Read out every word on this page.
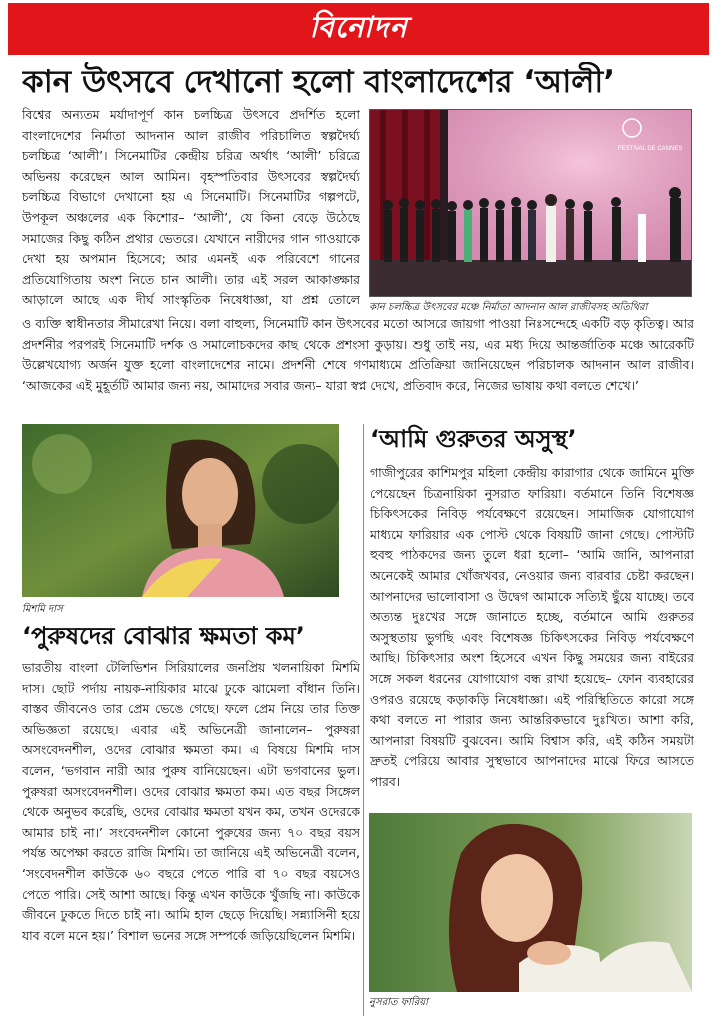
বিনোদন
কান উৎসবে দেখানো হলো বাংলাদেশের ‘আলী’

বিশ্বের অন্যতম মর্যাদাপূর্ণ কান চলচ্চিত্র উৎসবে প্রদর্শিত হলো বাংলাদেশের নির্মাতা আদনান আল রাজীব পরিচালিত স্বল্পদৈর্ঘ্য চলচ্চিত্র ‘আলী’। সিনেমাটির কেন্দ্রীয় চরিত্র অর্থাৎ ‘আলী’ চরিত্রে অভিনয় করেছেন আল আমিন। বৃহস্পতিবার উৎসবের স্বল্পদৈর্ঘ্য চলচ্চিত্র বিভাগে দেখানো হয় এ সিনেমাটি। সিনেমাটির গল্পপটে, উপকূল অঞ্চলের এক কিশোর– ‘আলী’, যে কিনা বেড়ে উঠেছে সমাজের কিছু কঠিন প্রথার ভেতরে। যেখানে নারীদের গান গাওয়াকে দেখা হয় অপমান হিসেবে; আর এমনই এক পরিবেশে গানের প্রতিযোগিতায় অংশ নিতে চান আলী। তার এই সরল আকাঙ্ক্ষার আড়ালে আছে এক দীর্ঘ সাংস্কৃতিক নিষেধাজ্ঞা, যা প্রশ্ন তোলে

FESTIVAL DE CANNES
কান চলচ্চিত্র উৎসবের মঞ্চে নির্মাতা আদনান আল রাজীবসহ অতিথিরা

ও ব্যক্তি স্বাধীনতার সীমারেখা নিয়ে। বলা বাহুল্য, সিনেমাটি কান উৎসবের মতো আসরে জায়গা পাওয়া নিঃসন্দেহে একটি বড় কৃতিত্ব। আর প্রদর্শনীর পরপরই সিনেমাটি দর্শক ও সমালোচকদের কাছ থেকে প্রশংসা কুড়ায়। শুধু তাই নয়, এর মধ্য দিয়ে আন্তর্জাতিক মঞ্চে আরেকটি উল্লেখযোগ্য অর্জন যুক্ত হলো বাংলাদেশের নামে। প্রদর্শনী শেষে গণমাধ্যমে প্রতিক্রিয়া জানিয়েছেন পরিচালক আদনান আল রাজীব। ‘আজকের এই মুহূর্তটি আমার জন্য নয়, আমাদের সবার জন্য– যারা স্বপ্ন দেখে, প্রতিবাদ করে, নিজের ভাষায় কথা বলতে শেখে।’

মিশমি দাস
‘পুরুষদের বোঝার ক্ষমতা কম’

ভারতীয় বাংলা টেলিভিশন সিরিয়ালের জনপ্রিয় খলনায়িকা মিশমি দাস। ছোট পর্দায় নায়ক-নায়িকার মাঝে ঢুকে ঝামেলা বাঁধান তিনি। বাস্তব জীবনেও তার প্রেম ভেঙে গেছে। ফলে প্রেম নিয়ে তার তিক্ত অভিজ্ঞতা রয়েছে। এবার এই অভিনেত্রী জানালেন– পুরুষরা অসংবেদনশীল, ওদের বোঝার ক্ষমতা কম। এ বিষয়ে মিশমি দাস বলেন, ‘ভগবান নারী আর পুরুষ বানিয়েছেন। এটা ভগবানের ভুল। পুরুষরা অসংবেদনশীল। ওদের বোঝার ক্ষমতা কম। এত বছর সিঙ্গেল থেকে অনুভব করেছি, ওদের বোঝার ক্ষমতা যখন কম, তখন ওদেরকে আমার চাই না।’ সংবেদনশীল কোনো পুরুষের জন্য ৭০ বছর বয়স পর্যন্ত অপেক্ষা করতে রাজি মিশমি। তা জানিয়ে এই অভিনেত্রী বলেন, ‘সংবেদনশীল কাউকে ৬০ বছরে পেতে পারি বা ৭০ বছর বয়সেও পেতে পারি। সেই আশা আছে। কিন্তু এখন কাউকে খুঁজছি না। কাউকে জীবনে ঢুকতে দিতে চাই না। আমি হাল ছেড়ে দিয়েছি। সন্ন্যাসিনী হয়ে যাব বলে মনে হয়।’ বিশাল ভনের সঙ্গে সম্পর্কে জড়িয়েছিলেন মিশমি।

‘আমি গুরুতর অসুস্থ’

গাজীপুরের কাশিমপুর মহিলা কেন্দ্রীয় কারাগার থেকে জামিনে মুক্তি পেয়েছেন চিত্রনায়িকা নুসরাত ফারিয়া। বর্তমানে তিনি বিশেষজ্ঞ চিকিৎসকের নিবিড় পর্যবেক্ষণে রয়েছেন। সামাজিক যোগাযোগ মাধ্যমে ফারিয়ার এক পোস্ট থেকে বিষয়টি জানা গেছে। পোস্টটি হুবহু পাঠকদের জন্য তুলে ধরা হলো– ‘আমি জানি, আপনারা অনেকেই আমার খোঁজখবর, নেওয়ার জন্য বারবার চেষ্টা করছেন। আপনাদের ভালোবাসা ও উদ্বেগ আমাকে সত্যিই ছুঁয়ে যাচ্ছে। তবে অত্যন্ত দুঃখের সঙ্গে জানাতে হচ্ছে, বর্তমানে আমি গুরুতর অসুস্থতায় ভুগছি এবং বিশেষজ্ঞ চিকিৎসকের নিবিড় পর্যবেক্ষণে আছি। চিকিৎসার অংশ হিসেবে এখন কিছু সময়ের জন্য বাইরের সঙ্গে সকল ধরনের যোগাযোগ বন্ধ রাখা হয়েছে– ফোন ব্যবহারের ওপরও রয়েছে কড়াকড়ি নিষেধাজ্ঞা। এই পরিস্থিতিতে কারো সঙ্গে কথা বলতে না পারার জন্য আন্তরিকভাবে দুঃখিত। আশা করি, আপনারা বিষয়টি বুঝবেন। আমি বিশ্বাস করি, এই কঠিন সময়টা দ্রুতই পেরিয়ে আবার সুস্থভাবে আপনাদের মাঝে ফিরে আসতে পারব।

নুসরাত ফারিয়া
